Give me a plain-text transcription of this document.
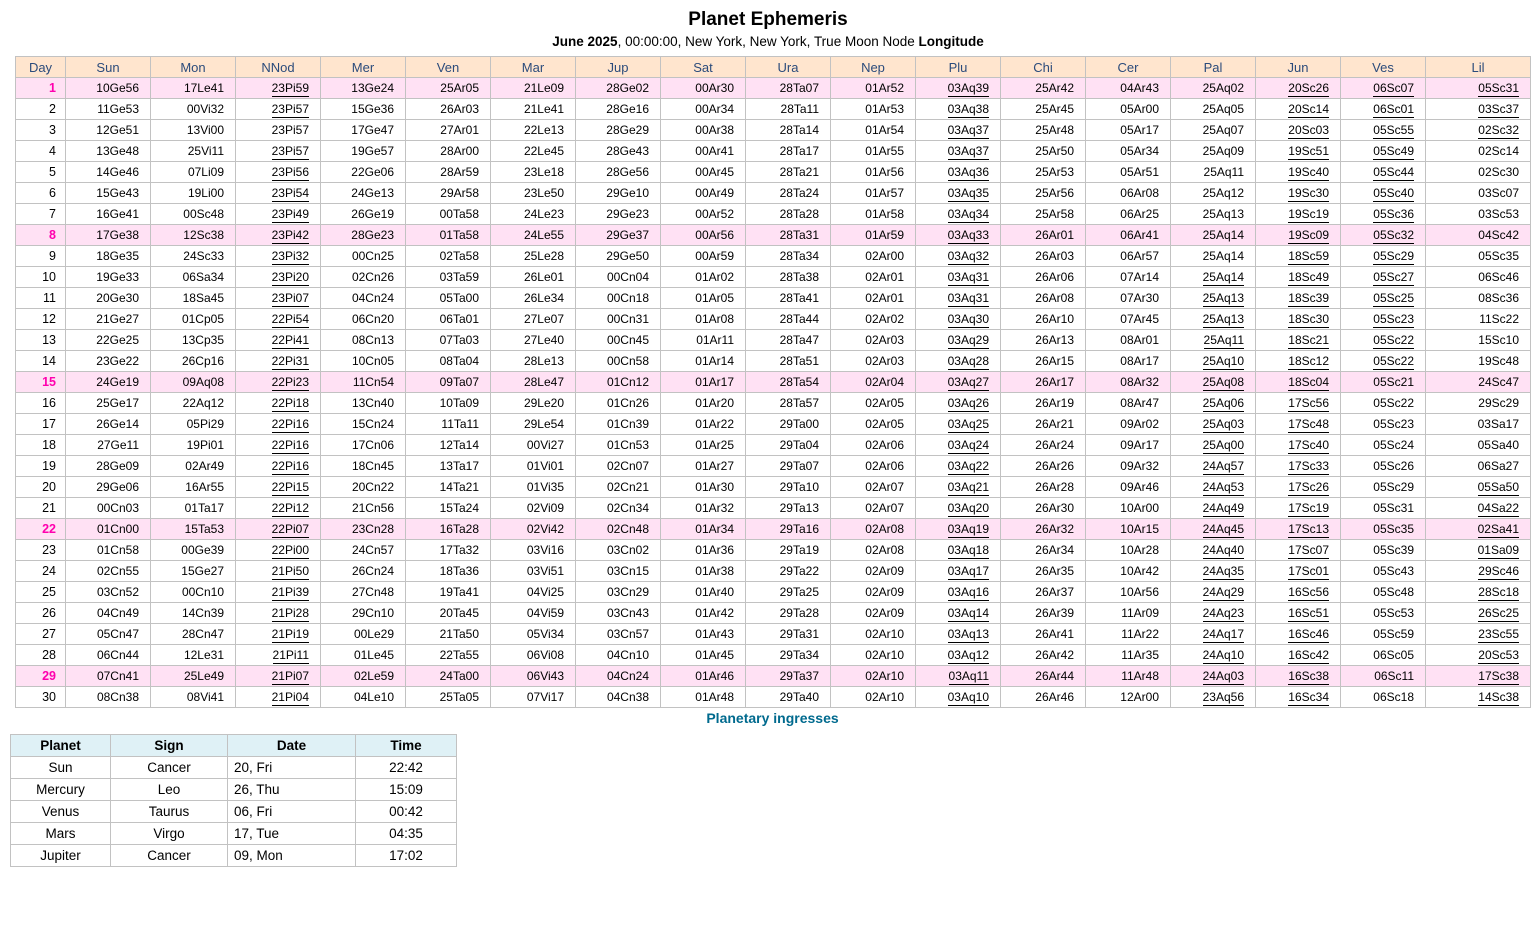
Planet Ephemeris
June 2025, 00:00:00, New York, New York, True Moon Node Longitude
Day	Sun	Mon	NNod	Mer	Ven	Mar	Jup	Sat	Ura	Nep	Plu	Chi	Cer	Pal	Jun	Ves	Lil
1	10Ge56	17Le41	23Pi59	13Ge24	25Ar05	21Le09	28Ge02	00Ar30	28Ta07	01Ar52	03Aq39	25Ar42	04Ar43	25Aq02	20Sc26	06Sc07	05Sc31
2	11Ge53	00Vi32	23Pi57	15Ge36	26Ar03	21Le41	28Ge16	00Ar34	28Ta11	01Ar53	03Aq38	25Ar45	05Ar00	25Aq05	20Sc14	06Sc01	03Sc37
3	12Ge51	13Vi00	23Pi57	17Ge47	27Ar01	22Le13	28Ge29	00Ar38	28Ta14	01Ar54	03Aq37	25Ar48	05Ar17	25Aq07	20Sc03	05Sc55	02Sc32
4	13Ge48	25Vi11	23Pi57	19Ge57	28Ar00	22Le45	28Ge43	00Ar41	28Ta17	01Ar55	03Aq37	25Ar50	05Ar34	25Aq09	19Sc51	05Sc49	02Sc14
5	14Ge46	07Li09	23Pi56	22Ge06	28Ar59	23Le18	28Ge56	00Ar45	28Ta21	01Ar56	03Aq36	25Ar53	05Ar51	25Aq11	19Sc40	05Sc44	02Sc30
6	15Ge43	19Li00	23Pi54	24Ge13	29Ar58	23Le50	29Ge10	00Ar49	28Ta24	01Ar57	03Aq35	25Ar56	06Ar08	25Aq12	19Sc30	05Sc40	03Sc07
7	16Ge41	00Sc48	23Pi49	26Ge19	00Ta58	24Le23	29Ge23	00Ar52	28Ta28	01Ar58	03Aq34	25Ar58	06Ar25	25Aq13	19Sc19	05Sc36	03Sc53
8	17Ge38	12Sc38	23Pi42	28Ge23	01Ta58	24Le55	29Ge37	00Ar56	28Ta31	01Ar59	03Aq33	26Ar01	06Ar41	25Aq14	19Sc09	05Sc32	04Sc42
9	18Ge35	24Sc33	23Pi32	00Cn25	02Ta58	25Le28	29Ge50	00Ar59	28Ta34	02Ar00	03Aq32	26Ar03	06Ar57	25Aq14	18Sc59	05Sc29	05Sc35
10	19Ge33	06Sa34	23Pi20	02Cn26	03Ta59	26Le01	00Cn04	01Ar02	28Ta38	02Ar01	03Aq31	26Ar06	07Ar14	25Aq14	18Sc49	05Sc27	06Sc46
11	20Ge30	18Sa45	23Pi07	04Cn24	05Ta00	26Le34	00Cn18	01Ar05	28Ta41	02Ar01	03Aq31	26Ar08	07Ar30	25Aq13	18Sc39	05Sc25	08Sc36
12	21Ge27	01Cp05	22Pi54	06Cn20	06Ta01	27Le07	00Cn31	01Ar08	28Ta44	02Ar02	03Aq30	26Ar10	07Ar45	25Aq13	18Sc30	05Sc23	11Sc22
13	22Ge25	13Cp35	22Pi41	08Cn13	07Ta03	27Le40	00Cn45	01Ar11	28Ta47	02Ar03	03Aq29	26Ar13	08Ar01	25Aq11	18Sc21	05Sc22	15Sc10
14	23Ge22	26Cp16	22Pi31	10Cn05	08Ta04	28Le13	00Cn58	01Ar14	28Ta51	02Ar03	03Aq28	26Ar15	08Ar17	25Aq10	18Sc12	05Sc22	19Sc48
15	24Ge19	09Aq08	22Pi23	11Cn54	09Ta07	28Le47	01Cn12	01Ar17	28Ta54	02Ar04	03Aq27	26Ar17	08Ar32	25Aq08	18Sc04	05Sc21	24Sc47
16	25Ge17	22Aq12	22Pi18	13Cn40	10Ta09	29Le20	01Cn26	01Ar20	28Ta57	02Ar05	03Aq26	26Ar19	08Ar47	25Aq06	17Sc56	05Sc22	29Sc29
17	26Ge14	05Pi29	22Pi16	15Cn24	11Ta11	29Le54	01Cn39	01Ar22	29Ta00	02Ar05	03Aq25	26Ar21	09Ar02	25Aq03	17Sc48	05Sc23	03Sa17
18	27Ge11	19Pi01	22Pi16	17Cn06	12Ta14	00Vi27	01Cn53	01Ar25	29Ta04	02Ar06	03Aq24	26Ar24	09Ar17	25Aq00	17Sc40	05Sc24	05Sa40
19	28Ge09	02Ar49	22Pi16	18Cn45	13Ta17	01Vi01	02Cn07	01Ar27	29Ta07	02Ar06	03Aq22	26Ar26	09Ar32	24Aq57	17Sc33	05Sc26	06Sa27
20	29Ge06	16Ar55	22Pi15	20Cn22	14Ta21	01Vi35	02Cn21	01Ar30	29Ta10	02Ar07	03Aq21	26Ar28	09Ar46	24Aq53	17Sc26	05Sc29	05Sa50
21	00Cn03	01Ta17	22Pi12	21Cn56	15Ta24	02Vi09	02Cn34	01Ar32	29Ta13	02Ar07	03Aq20	26Ar30	10Ar00	24Aq49	17Sc19	05Sc31	04Sa22
22	01Cn00	15Ta53	22Pi07	23Cn28	16Ta28	02Vi42	02Cn48	01Ar34	29Ta16	02Ar08	03Aq19	26Ar32	10Ar15	24Aq45	17Sc13	05Sc35	02Sa41
23	01Cn58	00Ge39	22Pi00	24Cn57	17Ta32	03Vi16	03Cn02	01Ar36	29Ta19	02Ar08	03Aq18	26Ar34	10Ar28	24Aq40	17Sc07	05Sc39	01Sa09
24	02Cn55	15Ge27	21Pi50	26Cn24	18Ta36	03Vi51	03Cn15	01Ar38	29Ta22	02Ar09	03Aq17	26Ar35	10Ar42	24Aq35	17Sc01	05Sc43	29Sc46
25	03Cn52	00Cn10	21Pi39	27Cn48	19Ta41	04Vi25	03Cn29	01Ar40	29Ta25	02Ar09	03Aq16	26Ar37	10Ar56	24Aq29	16Sc56	05Sc48	28Sc18
26	04Cn49	14Cn39	21Pi28	29Cn10	20Ta45	04Vi59	03Cn43	01Ar42	29Ta28	02Ar09	03Aq14	26Ar39	11Ar09	24Aq23	16Sc51	05Sc53	26Sc25
27	05Cn47	28Cn47	21Pi19	00Le29	21Ta50	05Vi34	03Cn57	01Ar43	29Ta31	02Ar10	03Aq13	26Ar41	11Ar22	24Aq17	16Sc46	05Sc59	23Sc55
28	06Cn44	12Le31	21Pi11	01Le45	22Ta55	06Vi08	04Cn10	01Ar45	29Ta34	02Ar10	03Aq12	26Ar42	11Ar35	24Aq10	16Sc42	06Sc05	20Sc53
29	07Cn41	25Le49	21Pi07	02Le59	24Ta00	06Vi43	04Cn24	01Ar46	29Ta37	02Ar10	03Aq11	26Ar44	11Ar48	24Aq03	16Sc38	06Sc11	17Sc38
30	08Cn38	08Vi41	21Pi04	04Le10	25Ta05	07Vi17	04Cn38	01Ar48	29Ta40	02Ar10	03Aq10	26Ar46	12Ar00	23Aq56	16Sc34	06Sc18	14Sc38
Planetary ingresses
Planet	Sign	Date	Time
Sun	Cancer	20, Fri	22:42
Mercury	Leo	26, Thu	15:09
Venus	Taurus	06, Fri	00:42
Mars	Virgo	17, Tue	04:35
Jupiter	Cancer	09, Mon	17:02
